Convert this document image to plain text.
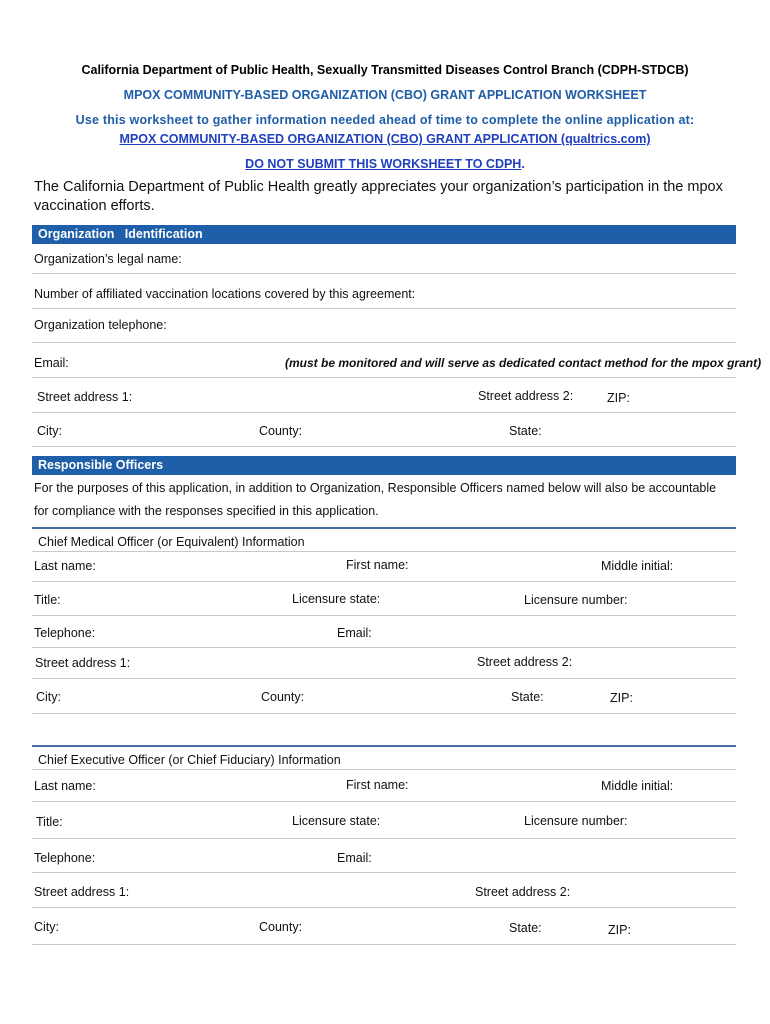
California Department of Public Health, Sexually Transmitted Diseases Control Branch (CDPH-STDCB)
MPOX COMMUNITY-BASED ORGANIZATION (CBO) GRANT APPLICATION WORKSHEET
Use this worksheet to gather information needed ahead of time to complete the online application at:
MPOX COMMUNITY-BASED ORGANIZATION (CBO) GRANT APPLICATION (qualtrics.com)
DO NOT SUBMIT THIS WORKSHEET TO CDPH.
The California Department of Public Health greatly appreciates your organization’s participation in the mpox vaccination efforts.
Organization   Identification
Organization’s legal name:
Number of affiliated vaccination locations covered by this agreement:
Organization telephone:
Email:	(must be monitored and will serve as dedicated contact method for the mpox grant)
Street address 1:	Street address 2:	ZIP:
City:	County:	State:
Responsible Officers
For the purposes of this application, in addition to Organization, Responsible Officers named below will also be accountable for compliance with the responses specified in this application.
Chief Medical Officer (or Equivalent) Information
Last name:	First name:	Middle initial:
Title:	Licensure state:	Licensure number:
Telephone:	Email:
Street address 1:	Street address 2:
City:	County:	State:	ZIP:
Chief Executive Officer (or Chief Fiduciary) Information
Last name:	First name:	Middle initial:
Title:	Licensure state:	Licensure number:
Telephone:	Email:
Street address 1:	Street address 2:
City:	County:	State:	ZIP:
